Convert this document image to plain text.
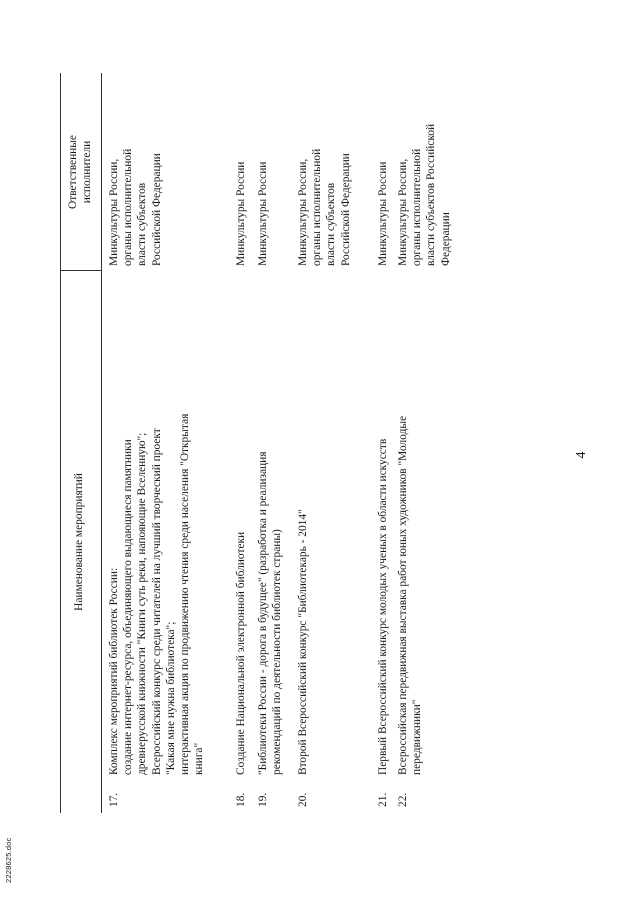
4
Наименование мероприятий
Ответственные исполнители
17.
Комплекс мероприятий библиотек России: создание интернет-ресурса, объединяющего выдающиеся памятники древнерусской книжности "Книги суть реки, напояющие Вселенную"; Всероссийский конкурс среди читателей на лучший творческий проект "Какая мне нужна библиотека"; интерактивная акция по продвижению чтения среди населения "Открытая книга"
Минкультуры России, органы исполнительной власти субъектов Российской Федерации
18.
Создание Национальной электронной библиотеки
Минкультуры России
19.
"Библиотеки России - дорога в будущее" (разработка и реализация рекомендаций по деятельности библиотек страны)
Минкультуры России
20.
Второй Всероссийский конкурс "Библиотекарь - 2014"
Минкультуры России, органы исполнительной власти субъектов Российской Федерации
21.
Первый Всероссийский конкурс молодых ученых в области искусств
Минкультуры России
22.
Всероссийская передвижная выставка работ юных художников "Молодые передвижники"
Минкультуры России, органы исполнительной власти субъектов Российской Федерации
2228625.doc
